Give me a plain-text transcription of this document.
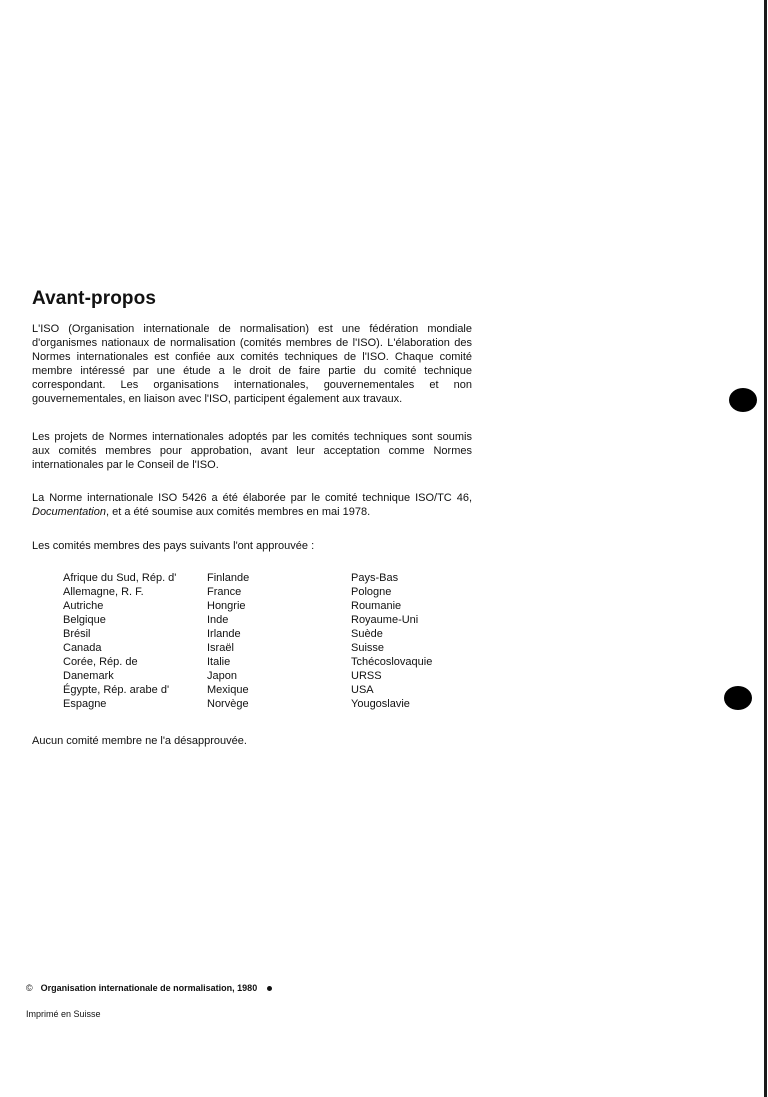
Avant-propos

L'ISO (Organisation internationale de normalisation) est une fédération mondiale d'organismes nationaux de normalisation (comités membres de l'ISO). L'élaboration des Normes internationales est confiée aux comités techniques de l'ISO. Chaque comité membre intéressé par une étude a le droit de faire partie du comité technique correspondant. Les organisations internationales, gouvernementales et non gouvernementales, en liaison avec l'ISO, participent également aux travaux.

Les projets de Normes internationales adoptés par les comités techniques sont soumis aux comités membres pour approbation, avant leur acceptation comme Normes internationales par le Conseil de l'ISO.

La Norme internationale ISO 5426 a été élaborée par le comité technique ISO/TC 46, Documentation, et a été soumise aux comités membres en mai 1978.

Les comités membres des pays suivants l'ont approuvée :

Afrique du Sud, Rép. d'
Allemagne, R. F.
Autriche
Belgique
Brésil
Canada
Corée, Rép. de
Danemark
Égypte, Rép. arabe d'
Espagne
Finlande
France
Hongrie
Inde
Irlande
Israël
Italie
Japon
Mexique
Norvège
Pays-Bas
Pologne
Roumanie
Royaume-Uni
Suède
Suisse
Tchécoslovaquie
URSS
USA
Yougoslavie

Aucun comité membre ne l'a désapprouvée.

© Organisation internationale de normalisation, 1980
Imprimé en Suisse
